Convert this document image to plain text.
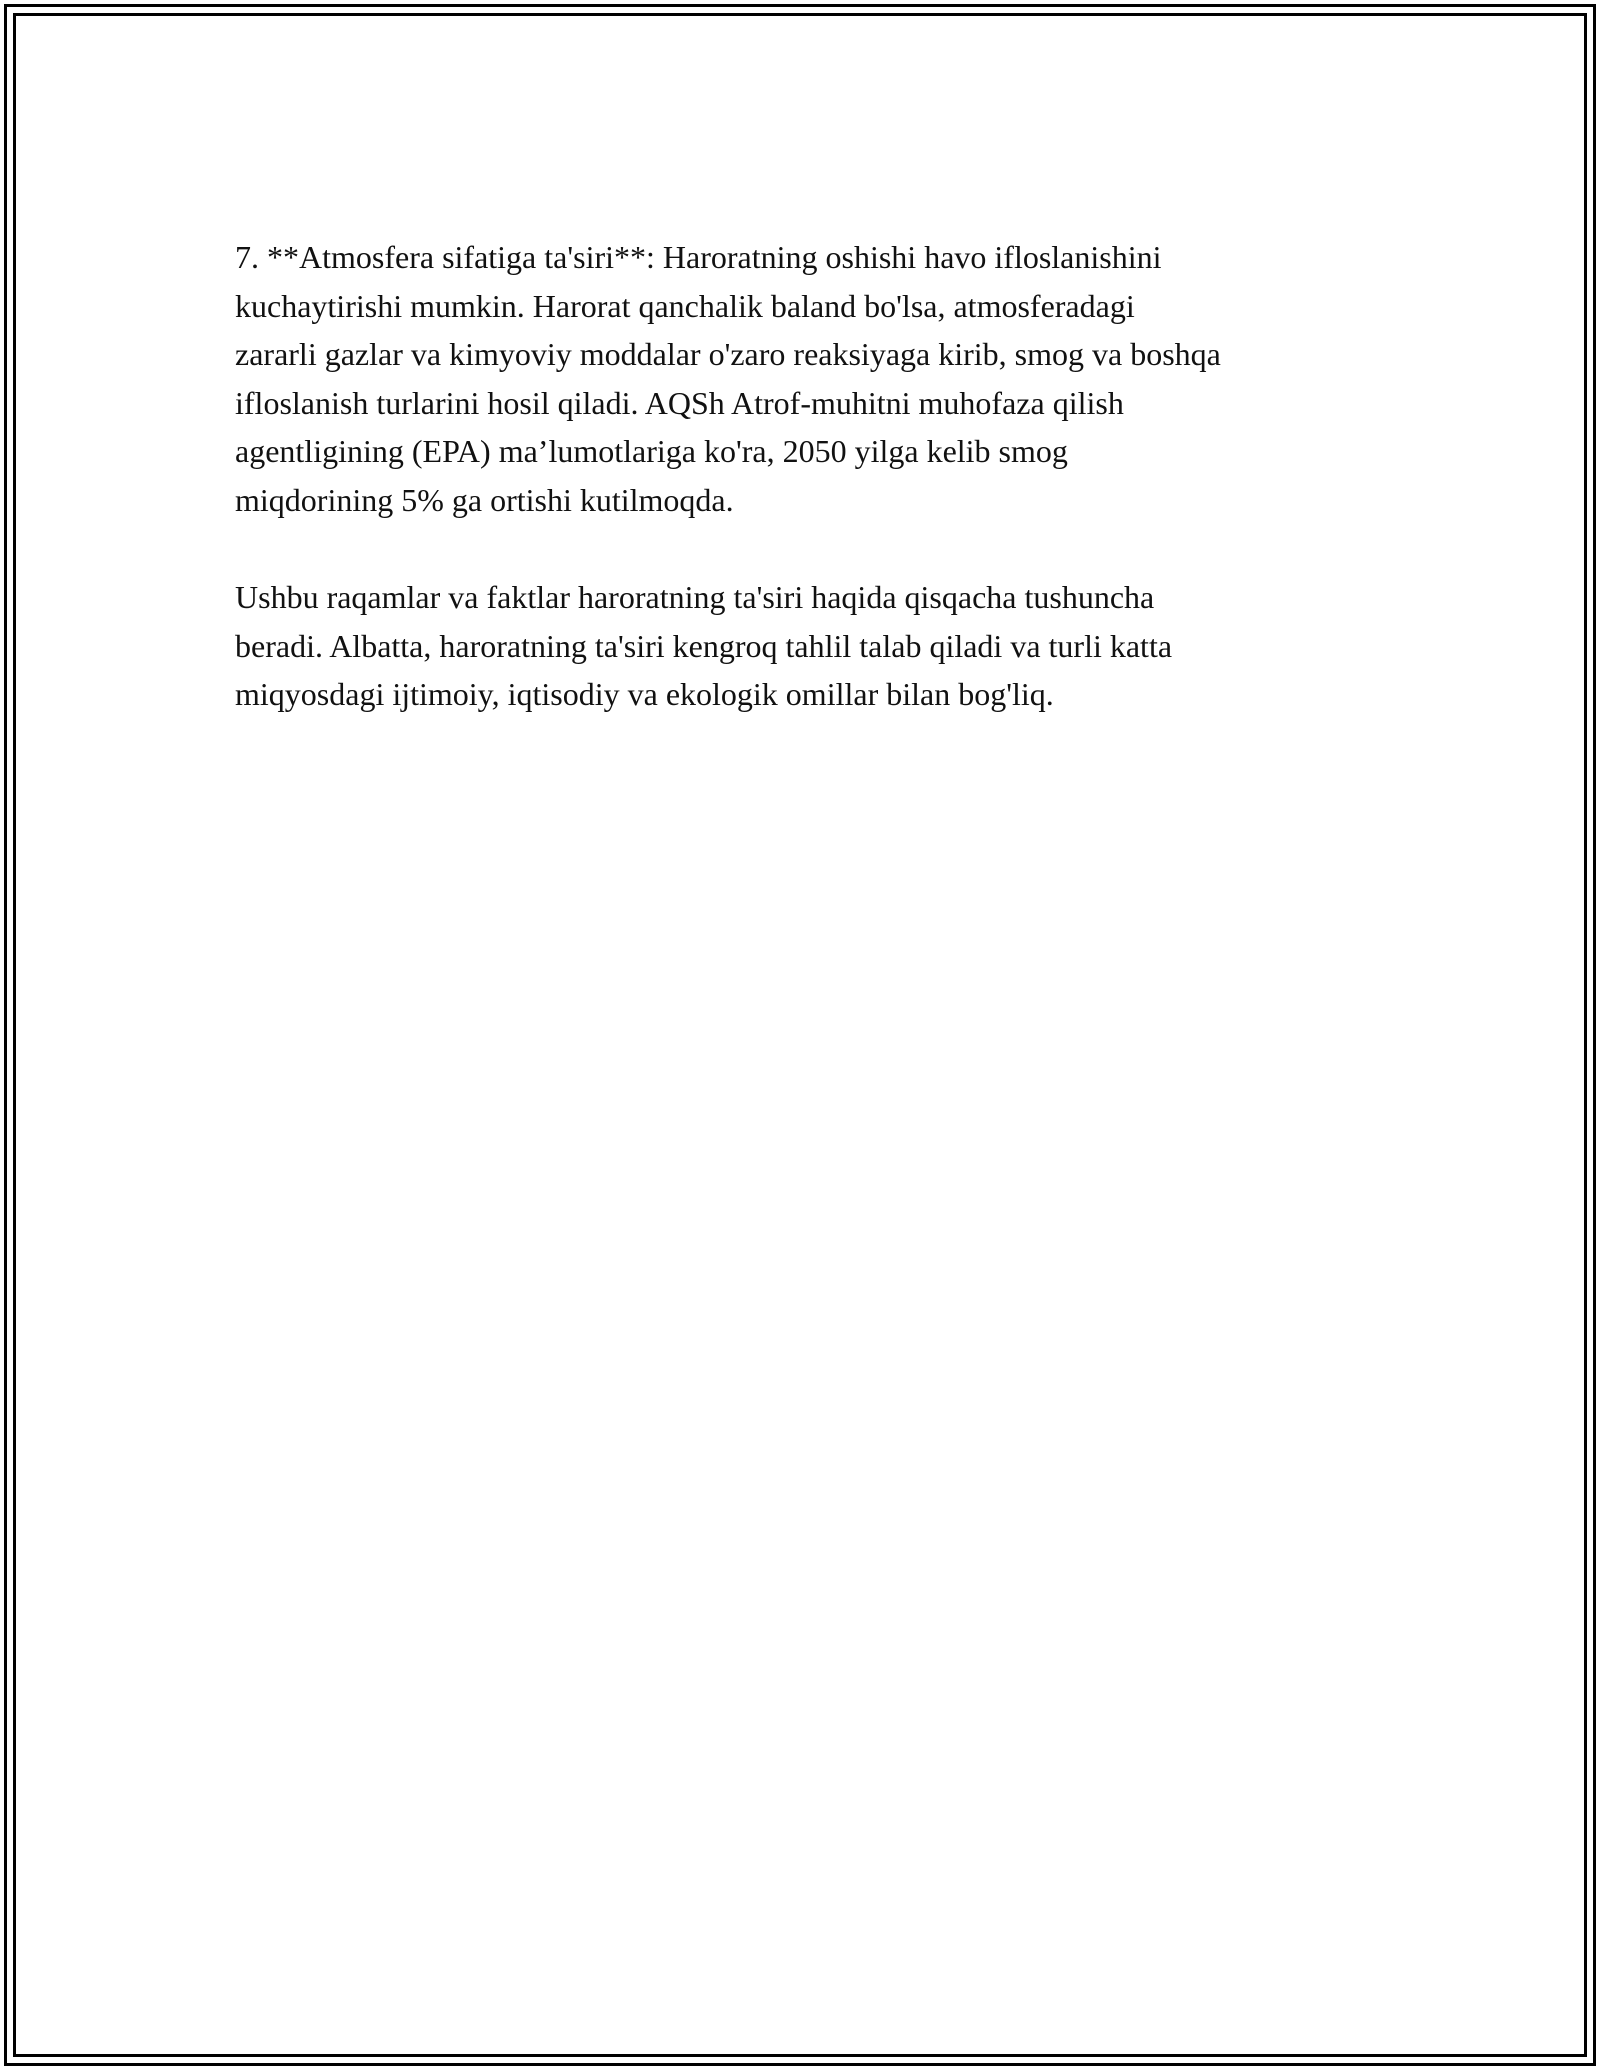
7. **Atmosfera sifatiga ta'siri**: Haroratning oshishi havo ifloslanishini
kuchaytirishi mumkin. Harorat qanchalik baland bo'lsa, atmosferadagi
zararli gazlar va kimyoviy moddalar o'zaro reaksiyaga kirib, smog va boshqa
ifloslanish turlarini hosil qiladi. AQSh Atrof-muhitni muhofaza qilish
agentligining (EPA) ma’lumotlariga ko'ra, 2050 yilga kelib smog
miqdorining 5% ga ortishi kutilmoqda.

Ushbu raqamlar va faktlar haroratning ta'siri haqida qisqacha tushuncha
beradi. Albatta, haroratning ta'siri kengroq tahlil talab qiladi va turli katta
miqyosdagi ijtimoiy, iqtisodiy va ekologik omillar bilan bog'liq.
